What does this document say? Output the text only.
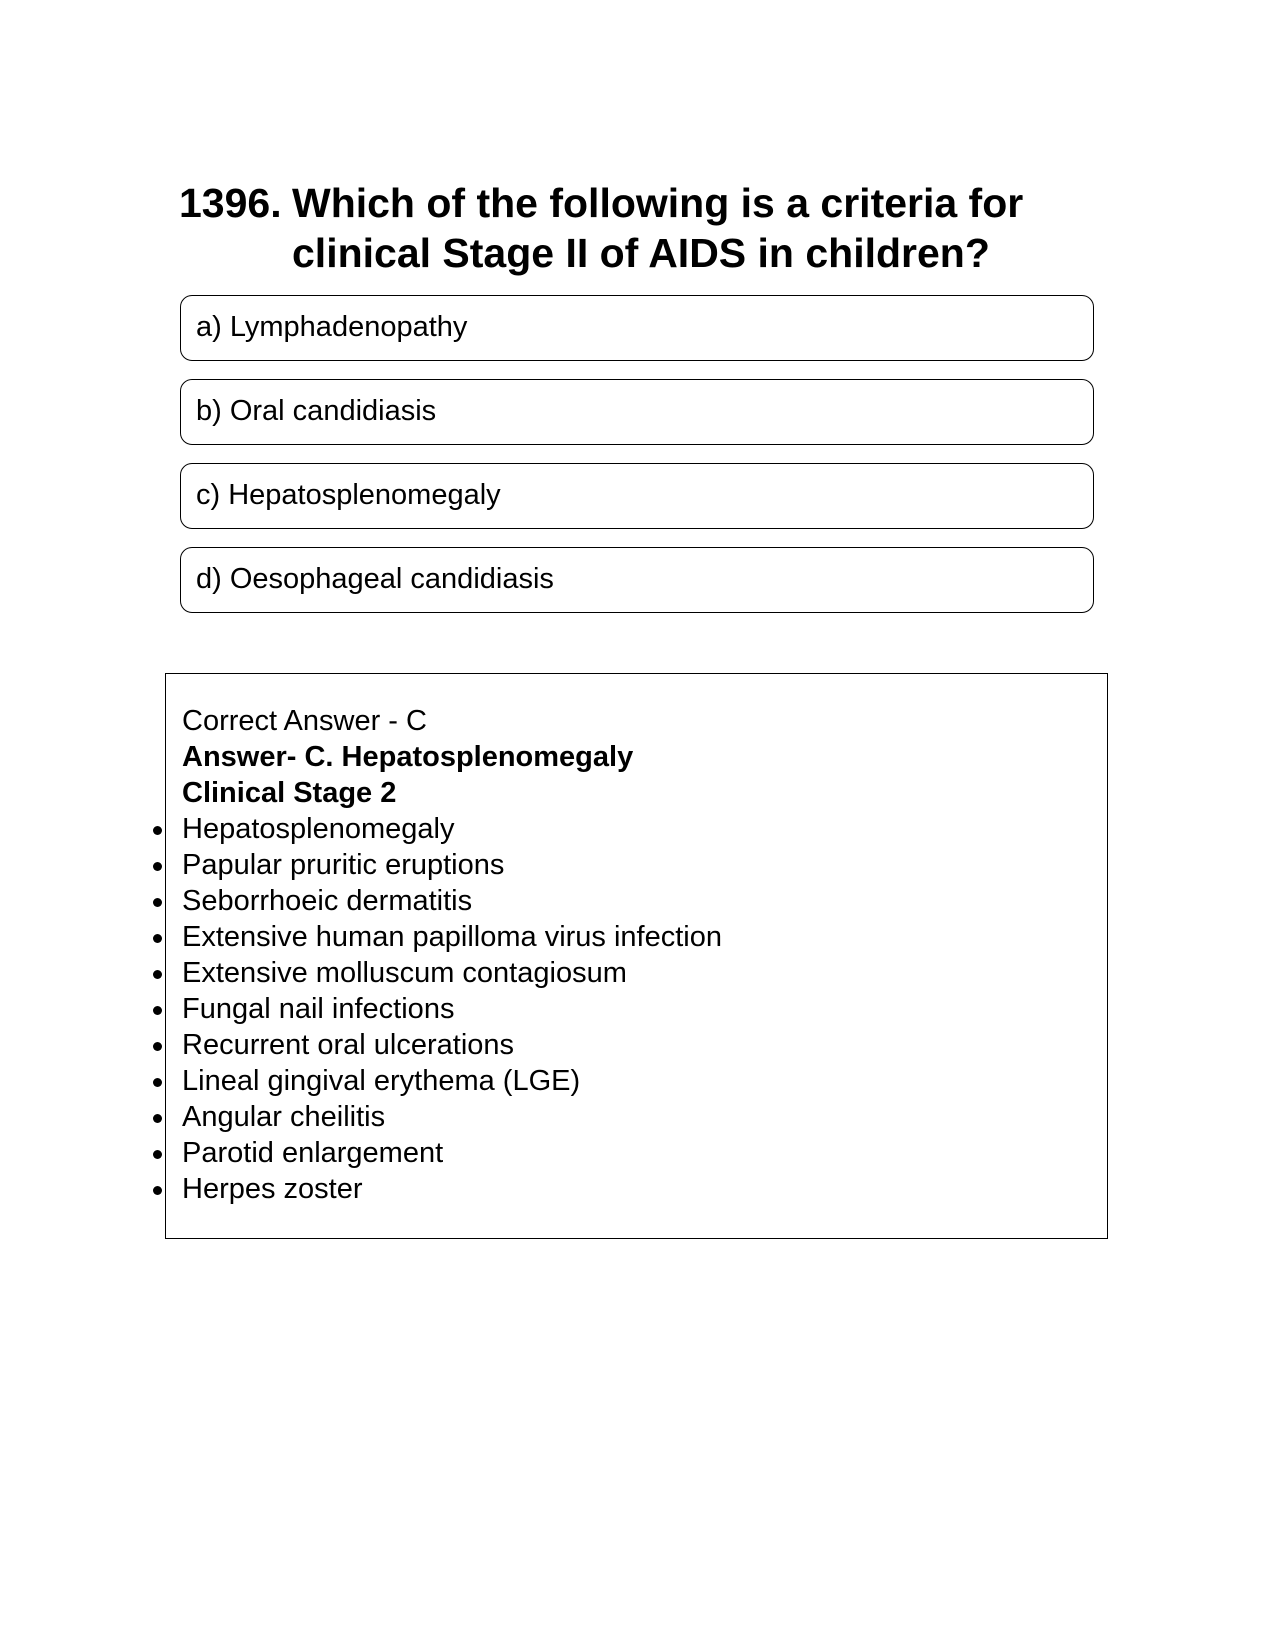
1396. Which of the following is a criteria for clinical Stage II of AIDS in children?
a) Lymphadenopathy
b) Oral candidiasis
c) Hepatosplenomegaly
d) Oesophageal candidiasis
Correct Answer - C
Answer- C. Hepatosplenomegaly
Clinical Stage 2
Hepatosplenomegaly
Papular pruritic eruptions
Seborrhoeic dermatitis
Extensive human papilloma virus infection
Extensive molluscum contagiosum
Fungal nail infections
Recurrent oral ulcerations
Lineal gingival erythema (LGE)
Angular cheilitis
Parotid enlargement
Herpes zoster
